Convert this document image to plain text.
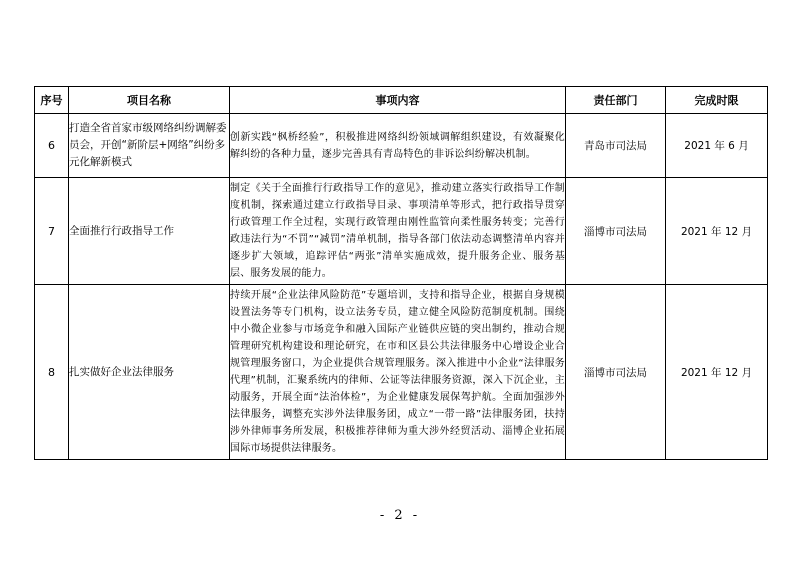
序号	项目名称	事项内容	责任部门	完成时限
6	打造全省首家市级网络纠纷调解委员会，开创“新阶层+网络”纠纷多元化解新模式	创新实践“枫桥经验”，积极推进网络纠纷领域调解组织建设，有效凝聚化解纠纷的各种力量，逐步完善具有青岛特色的非诉讼纠纷解决机制。	青岛市司法局	2021 年 6 月
7	全面推行行政指导工作	制定《关于全面推行行政指导工作的意见》，推动建立落实行政指导工作制度机制，探索通过建立行政指导目录、事项清单等形式，把行政指导贯穿行政管理工作全过程，实现行政管理由刚性监管向柔性服务转变；完善行政违法行为“不罚”“减罚”清单机制，指导各部门依法动态调整清单内容并逐步扩大领域，追踪评估“两张”清单实施成效，提升服务企业、服务基层、服务发展的能力。	淄博市司法局	2021 年 12 月
8	扎实做好企业法律服务	持续开展“企业法律风险防范”专题培训，支持和指导企业，根据自身规模设置法务等专门机构，设立法务专员，建立健全风险防范制度机制。围绕中小微企业参与市场竞争和融入国际产业链供应链的突出制约，推动合规管理研究机构建设和理论研究，在市和区县公共法律服务中心增设企业合规管理服务窗口，为企业提供合规管理服务。深入推进中小企业“法律服务代理”机制，汇聚系统内的律师、公证等法律服务资源，深入下沉企业，主动服务，开展全面“法治体检”，为企业健康发展保驾护航。全面加强涉外法律服务，调整充实涉外法律服务团，成立“一带一路”法律服务团，扶持涉外律师事务所发展，积极推荐律师为重大涉外经贸活动、淄博企业拓展国际市场提供法律服务。	淄博市司法局	2021 年 12 月
- 2 -
